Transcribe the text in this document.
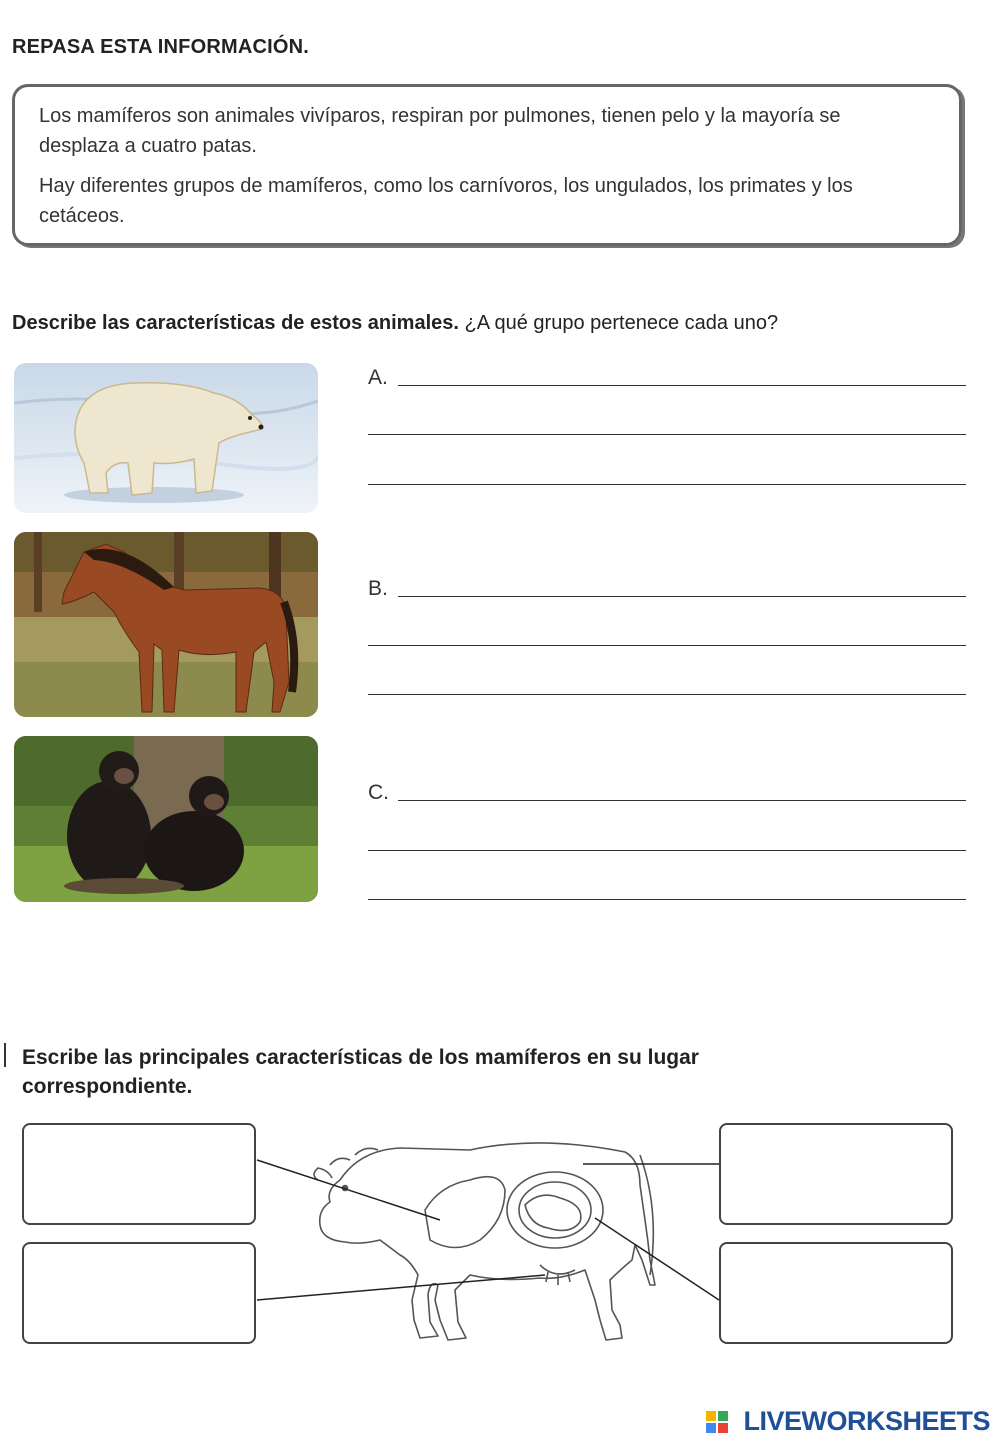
REPASA ESTA INFORMACIÓN.
Los mamíferos son animales vivíparos, respiran por pulmones, tienen pelo y la mayoría se desplaza a cuatro patas.
Hay diferentes grupos de mamíferos, como los carnívoros, los ungulados, los primates y los cetáceos.
Describe las características de estos animales. ¿A qué grupo pertenece cada uno?
A.
B.
C.
Escribe las principales características de los mamíferos en su lugar correspondiente.
LIVEWORKSHEETS
